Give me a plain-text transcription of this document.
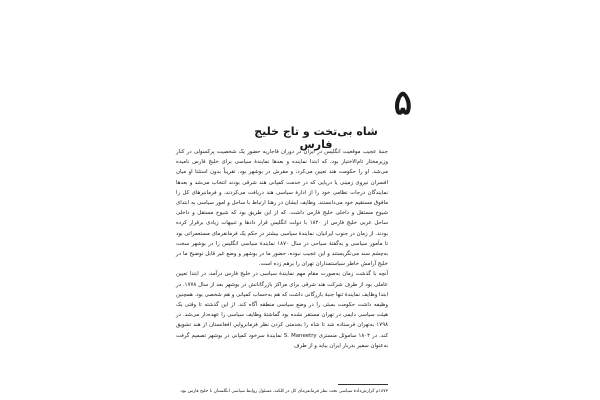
۵
شاه بی‌تخت و تاج خلیج فارس

جنبهٔ عجیب موقعیت انگلیس در ایران در دوران قاجاریه حضور یک شخصیت پرکسولی در کنار وزیرمختار تام‌الاختیار بود، که ابتدا نماینده و بعدها نمایندهٔ سیاسی برای خلیج فارس نامیده می‌شد. او را حکومت هند تعیین می‌کرد، و مقرش در بوشهر بود. تقریباً بدون استثنا او میان افسران نیروی زمینی یا دریایی که در خدمت کمپانی هند شرقی بودند انتخاب می‌شد و بعدها نمایندگان درجات نظامی خود را از ادارهٔ سیاسی هند دریافت می‌کردند، و فرمانبرهای کل را مافوق مستقیم خود می‌دانستند. وظایف ایشان در رهنا ارتباط با ساحل و امور سیاسی به ابتدای شیوخ مستقل و داخلی خلیج فارس داشت. که از این طریق بود که شیوخ مستقل و داخلی ساحل عربی خلیج فارس از ۱۸۲۰ با دولت انگلیس قرار دادها و تنبیهات زیادی برقرار کرده بودند. از زمان در جنوب ایرانیان، نمایندهٔ سیاسی بیشتر در حکم یک فرمانفرمای مستعمراتی بود تا مأمور سیاسی و به‌گفتهٔ سیاحی در سال ۱۸۷۰ نمایندهٔ سیاسی انگلیس را در بوشهر سخت به‌چشم سند می‌نگریستند و این عجیب نبوده، حضور ما در بوشهر و وضع غیر قابل توضیح ما در خلیج آرامش خاطر سیاستمداران تهران را برهم زده است.

آنچه با گذشت زمان به‌صورت مقام مهم نمایندهٔ سیاسی در خلیج فارس درآمد، در ابتدا تعیین عاملی بود از طرف شرکت هند شرقی برای مراکز بازرگانانش در بوشهر بعد از سال ۱۷۷۸. در ابتدا وظایف نمایندهٔ تنها جنبهٔ بازرگانی داشت که هم به‌حساب کمپانی و هم شخصی بود. همچنین وظیفه داشت حکومت بمبئی را در وضع سیاسی منطقه آگاه کند. از این گذشته تا وقتی یک هیئت سیاسی دایمی در تهران مستقر نشده بود گماشتهٔ وظایف سیاسی را عهده‌دار می‌شد. در ۱۷۹۸ به‌تهران فرستاده شد تا شاه را بخدمتی کردن نظر فرمانرواییِ افغانستان از هند تشویق کند. در ۱۸۰۴ ساموئل منستری S. Maneetry نمایندهٔ سرخود کمپانی در بوشهر تصمیم گرفت به‌عنوان سفیر بدربار ایران بیاید و از طرف

۱۸۷۳م گزارش‌دادهٔ سیاسی تحت نظر فرمانفرمای کل در کلکته، مسئول روابط سیاسی انگلستان با خلیج فارس بود.
